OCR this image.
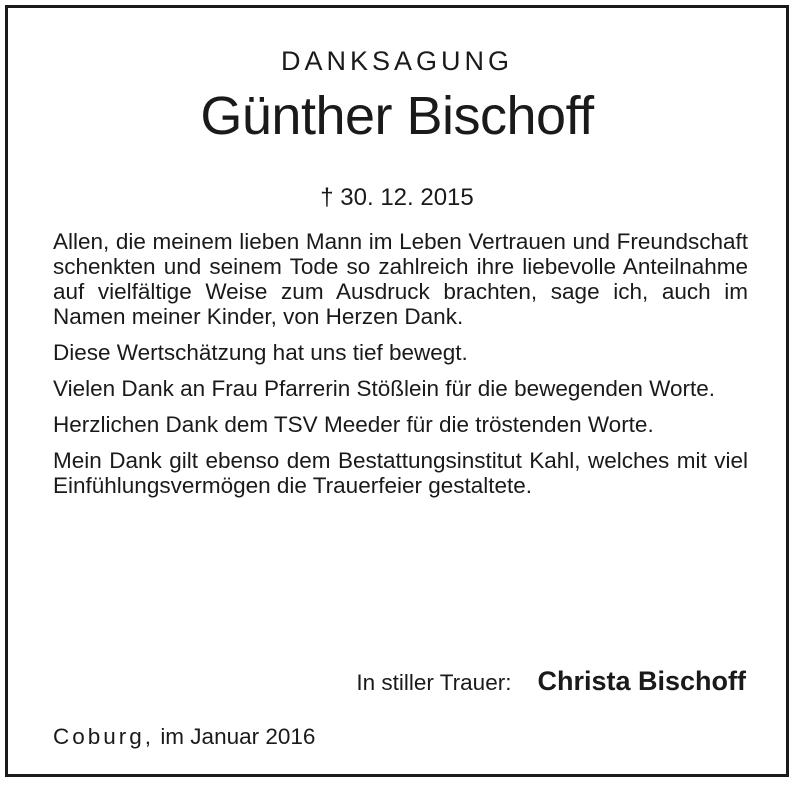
DANKSAGUNG
Günther Bischoff
† 30. 12. 2015

Allen, die meinem lieben Mann im Leben Vertrauen und Freundschaft schenkten und seinem Tode so zahlreich ihre liebevolle Anteilnahme auf vielfältige Weise zum Ausdruck brachten, sage ich, auch im Namen meiner Kinder, von Herzen Dank.

Diese Wertschätzung hat uns tief bewegt.

Vielen Dank an Frau Pfarrerin Stößlein für die bewegenden Worte.

Herzlichen Dank dem TSV Meeder für die tröstenden Worte.

Mein Dank gilt ebenso dem Bestattungsinstitut Kahl, welches mit viel Einfühlungsvermögen die Trauerfeier gestaltete.

In stiller Trauer: Christa Bischoff
Coburg, im Januar 2016
